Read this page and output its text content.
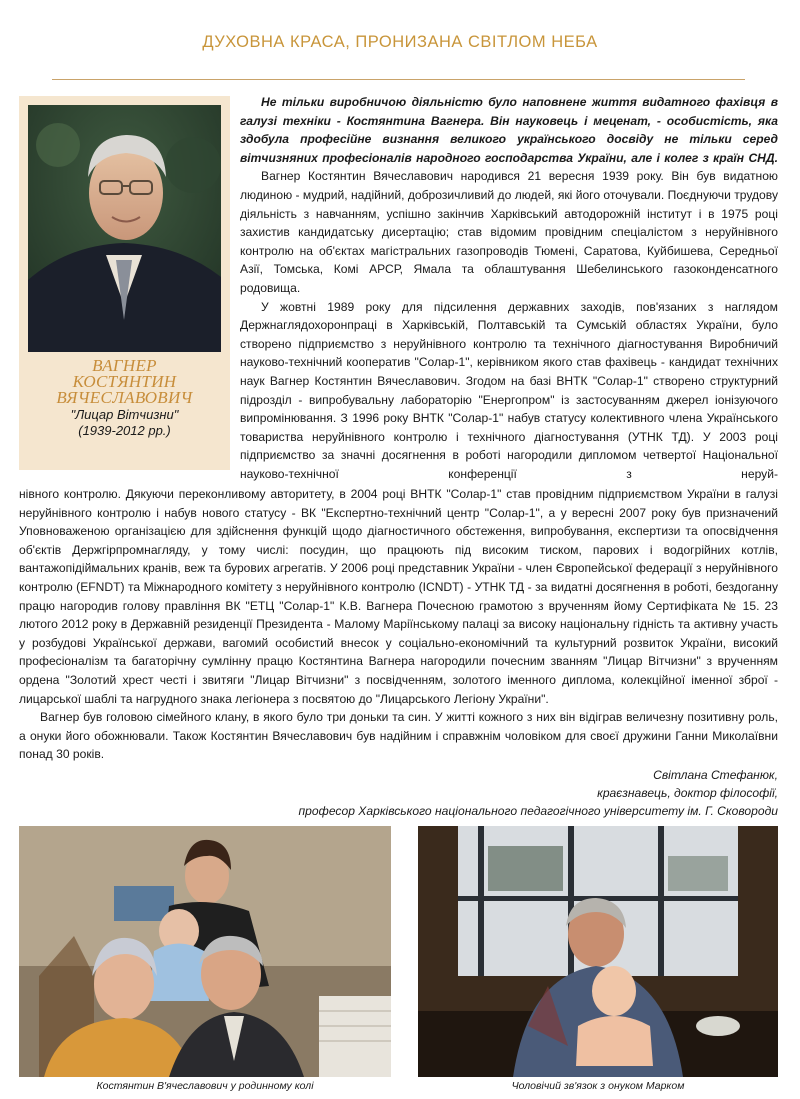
ДУХОВНА КРАСА, ПРОНИЗАНА СВІТЛОМ НЕБА
ВАГНЕР
КОСТЯНТИН
ВЯЧЕСЛАВОВИЧ
"Лицар Вітчизни"
(1939-2012 рр.)
Не тільки виробничою діяльністю було наповнене життя видатного фахівця в галузі техніки - Костянтина Вагнера. Він науковець і меценат, - особистість, яка здобула професійне визнання великого українського досвіду не тільки серед вітчизняних професіоналів народного господарства України, але і колег з країн СНД.
Вагнер Костянтин Вячеславович народився 21 вересня 1939 року. Він був видатною людиною - мудрий, надійний, доброзичливий до людей, які його оточували. Поєднуючи трудову діяльність з навчанням, успішно закінчив Харківський автодорожній інститут і в 1975 році захистив кандидатську дисертацію; став відомим провідним спеціалістом з неруйнівного контролю на об'єктах магістральних газопроводів Тюмені, Саратова, Куйбишева, Середньої Азії, Томська, Комі АРСР, Ямала та облаштування Шебелинського газоконденсатного родовища.
У жовтні 1989 року для підсилення державних заходів, пов'язаних з наглядом Держнаглядохоронпраці в Харківській, Полтавській та Сумській областях України, було створено підприємство з неруйнівного контролю та технічного діагностування Виробничий науково-технічний кооператив "Солар-1", керівником якого став фахівець - кандидат технічних наук Вагнер Костянтин Вячеславович. Згодом на базі ВНТК "Солар-1" створено структурний підрозділ - випробувальну лабораторію "Енергопром" із застосуванням джерел іонізуючого випромінювання. З 1996 року ВНТК "Солар-1" набув статусу колективного члена Українського товариства неруйнівного контролю і технічного діагностування (УТНК ТД). У 2003 році підприємство за значні досягнення в роботі нагородили дипломом четвертої Національної науково-технічної конференції з неруй-
нівного контролю. Дякуючи переконливому авторитету, в 2004 році ВНТК "Солар-1" став провідним підприємством України в галузі неруйнівного контролю і набув нового статусу - ВК "Експертно-технічний центр "Солар-1", а у вересні 2007 року був призначений Уповноваженою організацією для здійснення функцій щодо діагностичного обстеження, випробування, експертизи та опосвідчення об'єктів Держгірпромнагляду, у тому числі: посудин, що працюють під високим тиском, парових і водогрійних котлів, вантажопідіймальних кранів, веж та бурових агрегатів. У 2006 році представник України - член Європейської федерації з неруйнівного контролю (EFNDT) та Міжнародного комітету з неруйнівного контролю (ICNDT) - УТНК ТД - за видатні досягнення в роботі, бездоганну працю нагородив голову правління ВК "ЕТЦ "Солар-1" К.В. Вагнера Почесною грамотою з врученням йому Сертифіката № 15. 23 лютого 2012 року в Державній резиденції Президента - Малому Маріїнському палаці за високу національну гідність та активну участь у розбудові Української держави, вагомий особистий внесок у соціально-економічний та культурний розвиток України, високий професіоналізм та багаторічну сумлінну працю Костянтина Вагнера нагородили почесним званням "Лицар Вітчизни" з врученням ордена "Золотий хрест честі і звитяги "Лицар Вітчизни" з посвідченням, золотого іменного диплома, колекційної іменної зброї - лицарської шаблі та нагрудного знака легіонера з посвятою до "Лицарського Легіону України".
Вагнер був головою сімейного клану, в якого було три доньки та син. У житті кожного з них він відіграв величезну позитивну роль, а онуки його обожнювали. Також Костянтин Вячеславович був надійним і справжнім чоловіком для своєї дружини Ганни Миколаївни понад 30 років.
Світлана Стефанюк,
краєзнавець, доктор філософії,
професор Харківського національного педагогічного університету ім. Г. Сковороди
Костянтин В'ячеславович у родинному колі	Чоловічий зв'язок з онуком Марком
